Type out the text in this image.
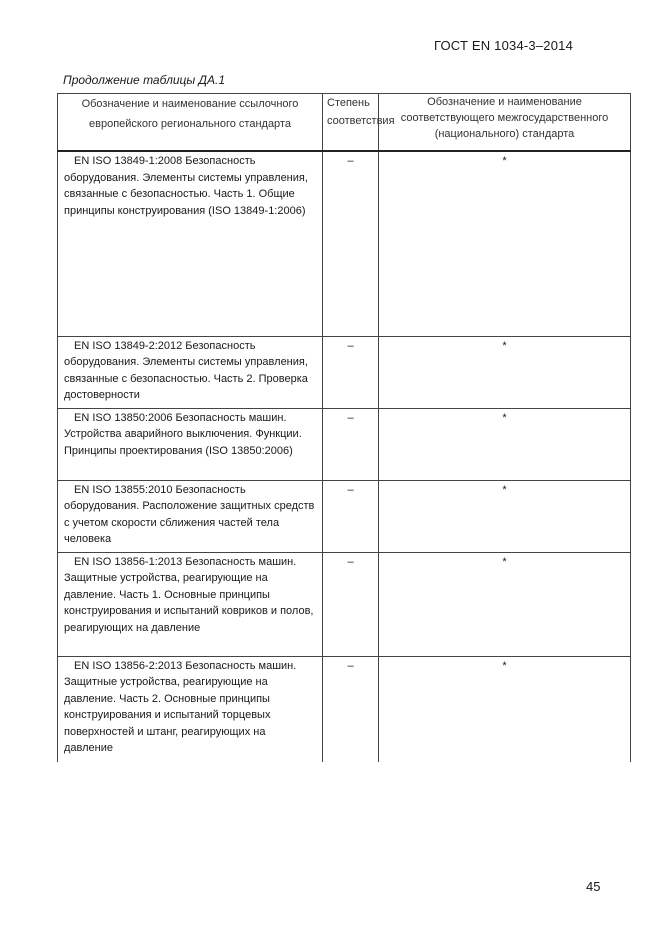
ГОСТ EN 1034-3–2014
Продолжение таблицы ДА.1
Обозначение и наименование ссылочного европейского регионального стандарта	Степень соответствия	Обозначение и наименование соответствующего межгосударственного (национального) стандарта
EN ISO 13849-1:2008 Безопасность оборудования. Элементы системы управления, связанные с безопасностью. Часть 1. Общие принципы конструирования (ISO 13849-1:2006)	–	*
EN ISO 13849-2:2012 Безопасность оборудования. Элементы системы управления, связанные с безопасностью. Часть 2. Проверка достоверности	–	*
EN ISO 13850:2006 Безопасность машин. Устройства аварийного выключения. Функции. Принципы проектирования (ISO 13850:2006)	–	*
EN ISO 13855:2010 Безопасность оборудования. Расположение защитных средств с учетом скорости сближения частей тела человека	–	*
EN ISO 13856-1:2013 Безопасность машин. Защитные устройства, реагирующие на давление. Часть 1. Основные принципы конструирования и испытаний ковриков и полов, реагирующих на давление	–	*
EN ISO 13856-2:2013 Безопасность машин. Защитные устройства, реагирующие на давление. Часть 2. Основные принципы конструирования и испытаний торцевых поверхностей и штанг, реагирующих на давление	–	*
45
